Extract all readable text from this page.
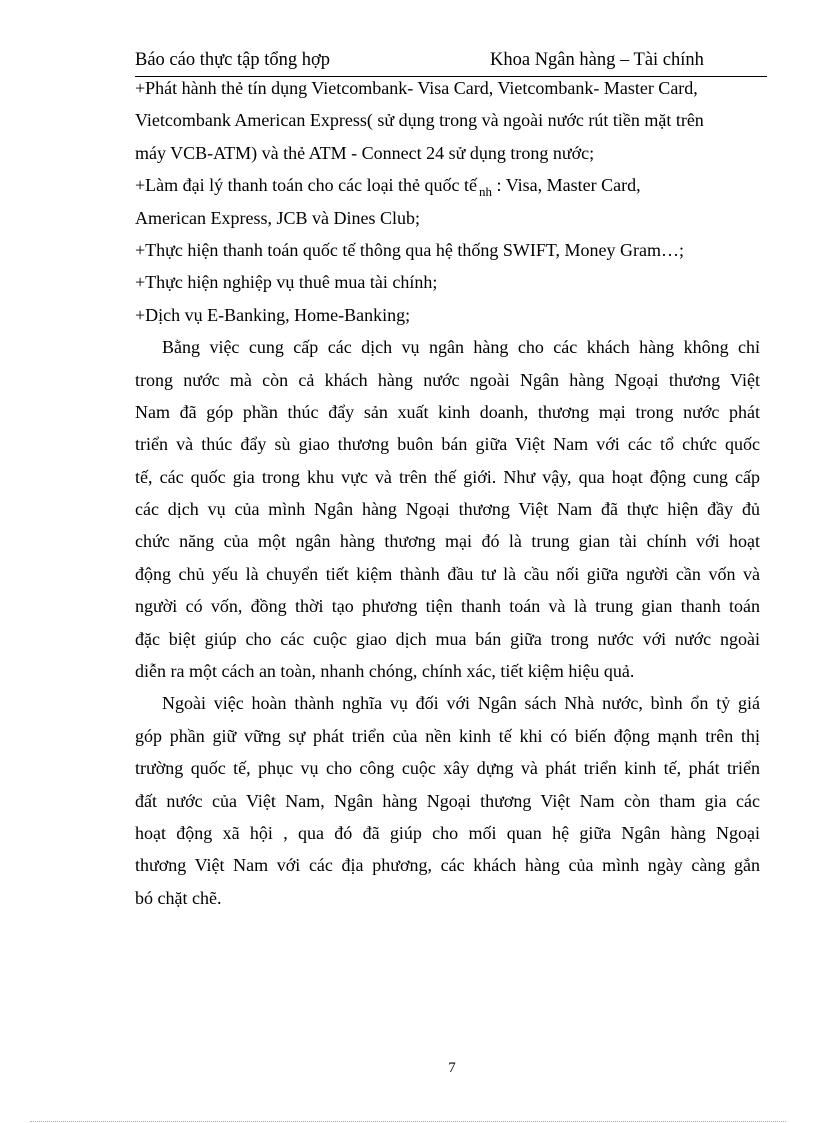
Báo cáo thực tập tổng hợp	Khoa Ngân hàng – Tài chính
+Phát hành thẻ tín dụng Vietcombank- Visa Card, Vietcombank- Master Card,
Vietcombank American Express( sử dụng trong và ngoài nước rút tiền mặt trên
máy VCB-ATM) và thẻ ATM - Connect 24 sử dụng trong nước;
+Làm đại lý thanh toán cho các loại thẻ quốc tế $_{nh}$ : Visa, Master Card,
American Express, JCB và Dines Club;
+Thực hiện thanh toán quốc tế thông qua hệ thống SWIFT, Money Gram…;
+Thực hiện nghiệp vụ thuê mua tài chính;
+Dịch vụ E-Banking, Home-Banking;
Bằng việc cung cấp các dịch vụ ngân hàng cho các khách hàng không chỉ
trong nước mà còn cả khách hàng nước ngoài Ngân hàng Ngoại thương Việt
Nam đã góp phần thúc đẩy sản xuất kinh doanh, thương mại trong nước phát
triển và thúc đẩy sù giao thương buôn bán giữa Việt Nam với các tổ chức quốc
tế, các quốc gia trong khu vực và trên thế giới. Như vậy, qua hoạt động cung cấp
các dịch vụ của mình Ngân hàng Ngoại thương Việt Nam đã thực hiện đầy đủ
chức năng của một ngân hàng thương mại đó là trung gian tài chính với hoạt
động chủ yếu là chuyển tiết kiệm thành đầu tư là cầu nối giữa người cần vốn và
người có vốn, đồng thời tạo phương tiện thanh toán và là trung gian thanh toán
đặc biệt giúp cho các cuộc giao dịch mua bán giữa trong nước với nước ngoài
diễn ra một cách an toàn, nhanh chóng, chính xác, tiết kiệm hiệu quả.
Ngoài việc hoàn thành nghĩa vụ đối với Ngân sách Nhà nước, bình ổn tỷ giá
góp phần giữ vững sự phát triển của nền kinh tế khi có biến động mạnh trên thị
trường quốc tế, phục vụ cho công cuộc xây dựng và phát triển kinh tế, phát triển
đất nước của Việt Nam, Ngân hàng Ngoại thương Việt Nam còn tham gia các
hoạt động xã hội , qua đó đã giúp cho mối quan hệ giữa Ngân hàng Ngoại
thương Việt Nam với các địa phương, các khách hàng của mình ngày càng gắn
bó chặt chẽ.
7
